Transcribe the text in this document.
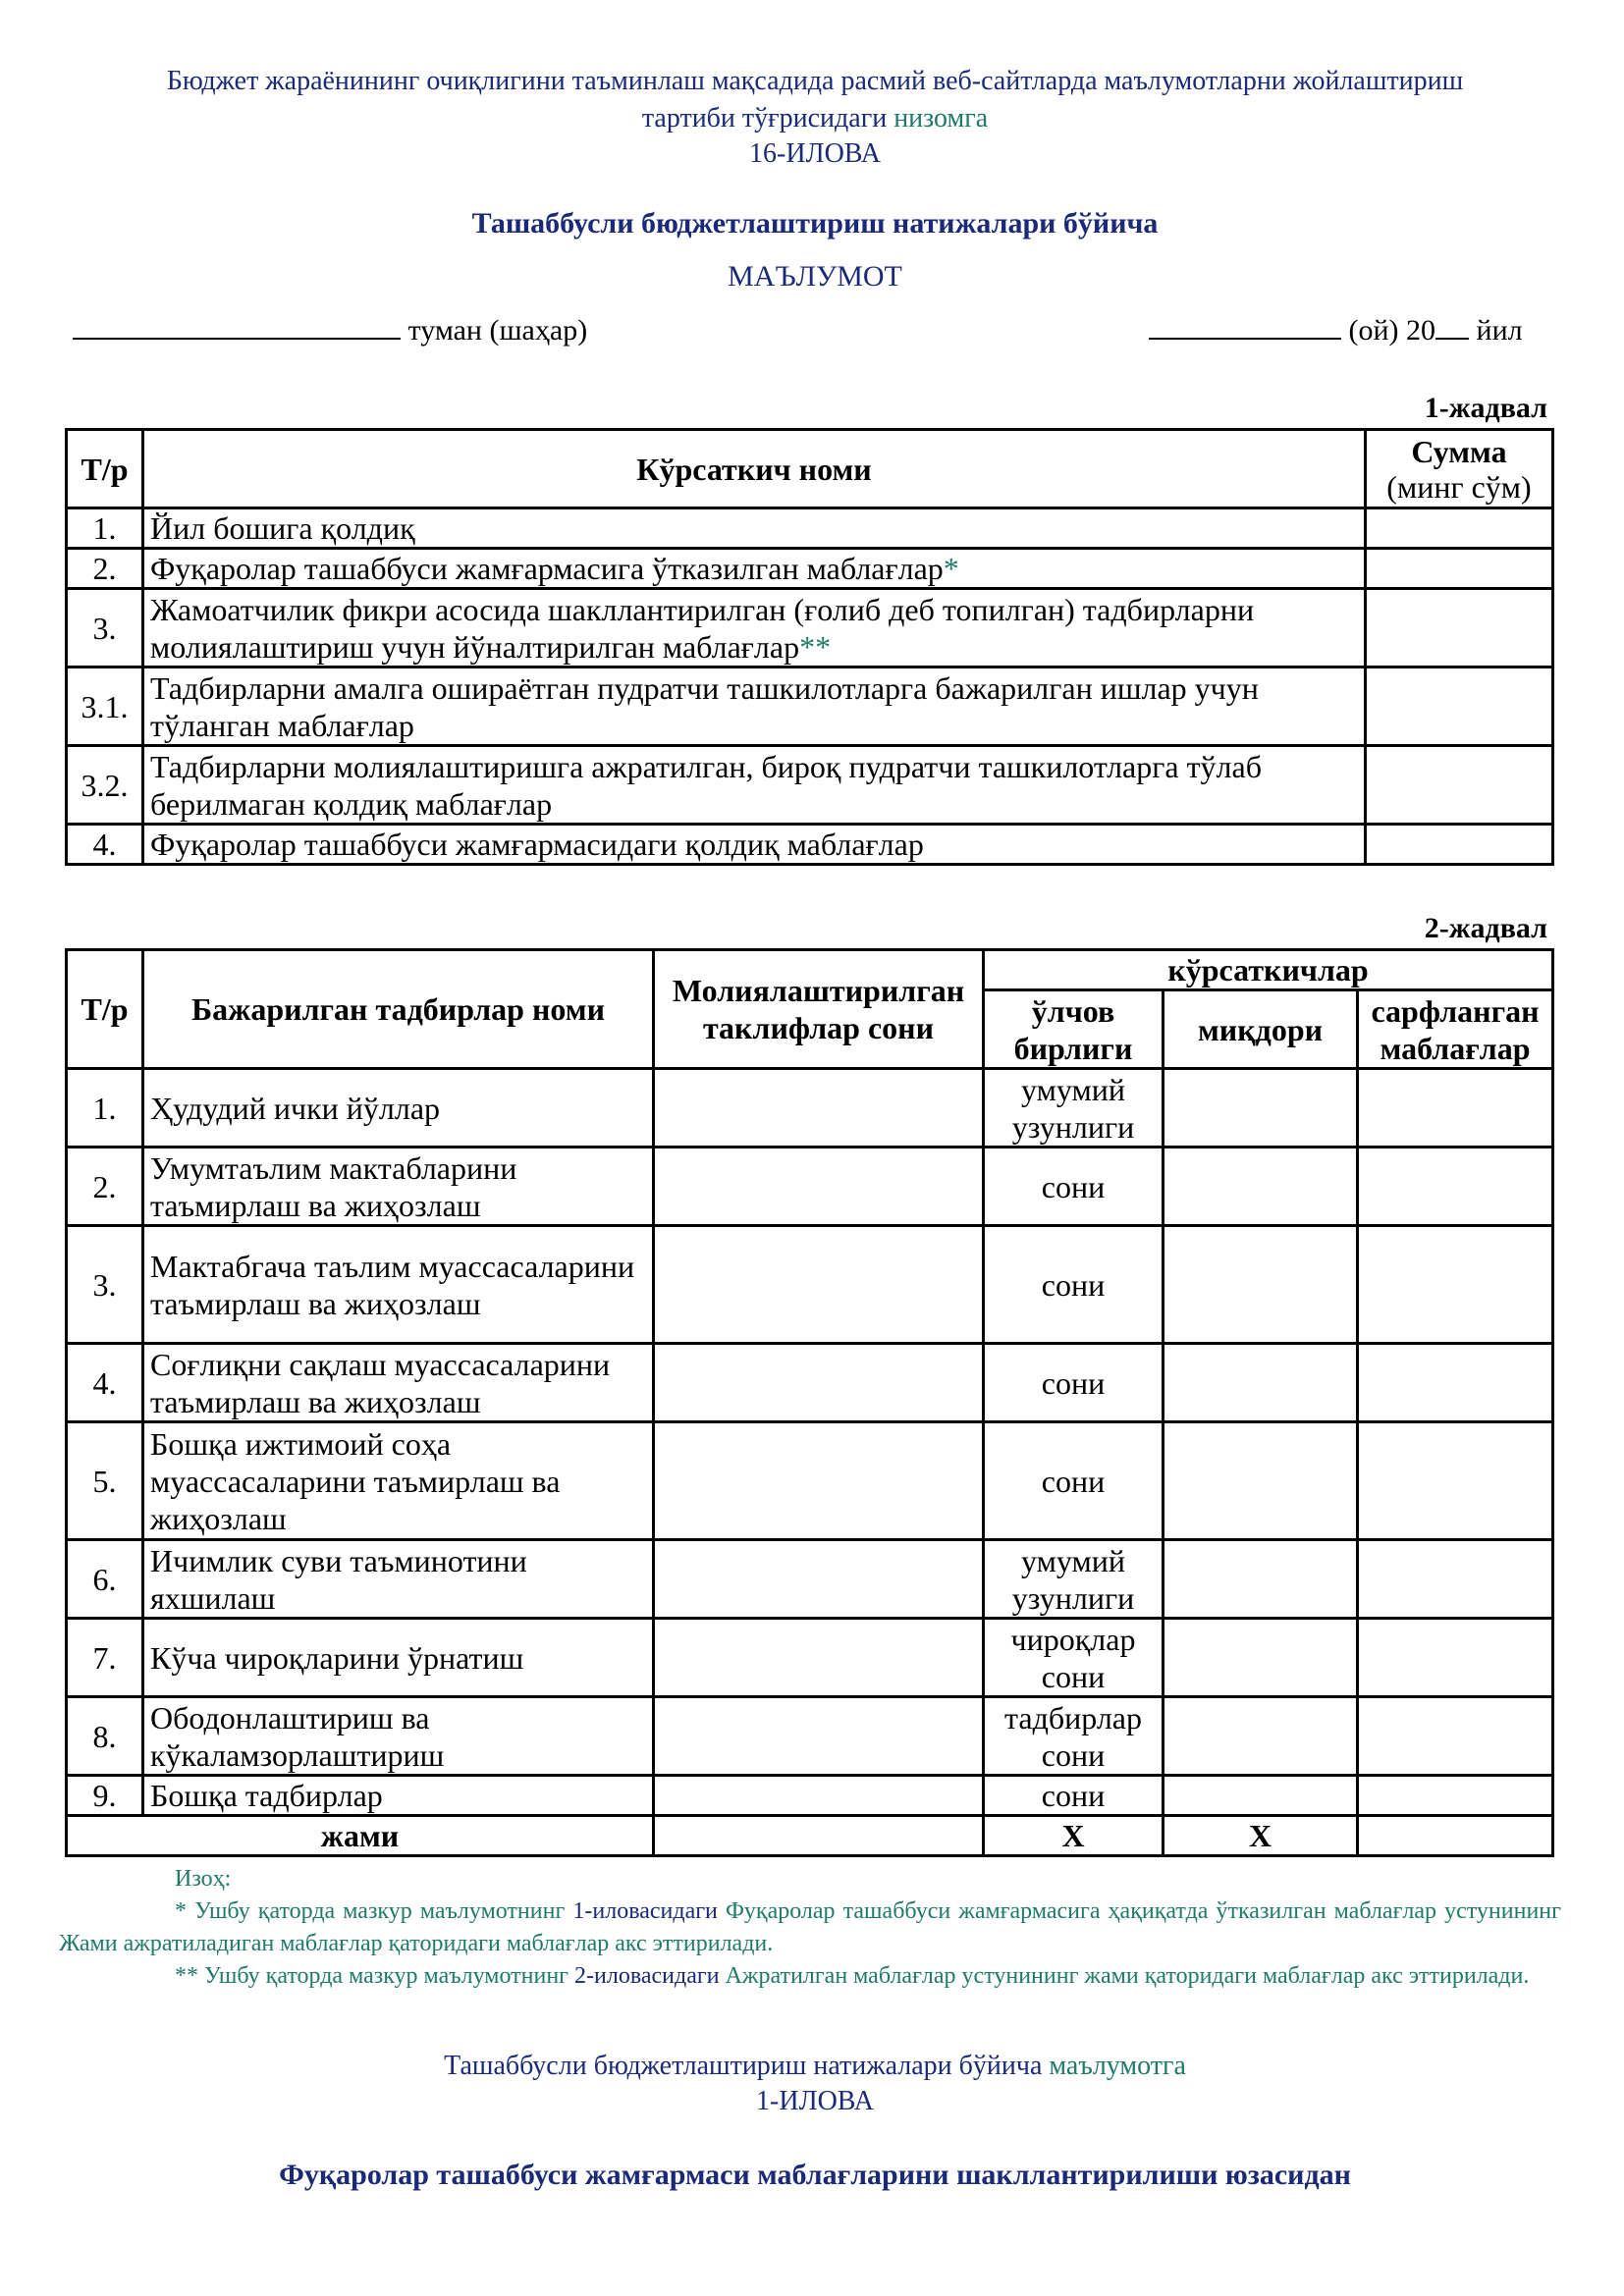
Бюджет жараёнининг очиқлигини таъминлаш мақсадида расмий веб-сайтларда маълумотларни жойлаштириш
тартиби тўғрисидаги низомга
16-ИЛОВА
Ташаббусли бюджетлаштириш натижалари бўйича
МАЪЛУМОТ
туман (шаҳар)	(ой) 20 йил
1-жадвал
Т/р	Кўрсаткич номи	Сумма
(минг сўм)
1.	Йил бошига қолдиқ	
2.	Фуқаролар ташаббуси жамғармасига ўтказилган маблағлар*	
3.	Жамоатчилик фикри асосида шакллантирилган (ғолиб деб топилган) тадбирларни молиялаштириш учун йўналтирилган маблағлар**	
3.1.	Тадбирларни амалга ошираётган пудратчи ташкилотларга бажарилган ишлар учун тўланган маблағлар	
3.2.	Тадбирларни молиялаштиришга ажратилган, бироқ пудратчи ташкилотларга тўлаб берилмаган қолдиқ маблағлар	
4.	Фуқаролар ташаббуси жамғармасидаги қолдиқ маблағлар	
2-жадвал
Т/р	Бажарилган тадбирлар номи	Молиялаштирилган таклифлар сони	кўрсаткичлар		
			ўлчов бирлиги	миқдори	сарфланган маблағлар
1.	Ҳудудий ички йўллар		умумий узунлиги		
2.	Умумтаълим мактабларини таъмирлаш ва жиҳозлаш		сони		
3.	Мактабгача таълим муассасаларини таъмирлаш ва жиҳозлаш		сони		
4.	Соғлиқни сақлаш муассасаларини таъмирлаш ва жиҳозлаш		сони		
5.	Бошқа ижтимоий соҳа муассасаларини таъмирлаш ва жиҳозлаш		сони		
6.	Ичимлик суви таъминотини яхшилаш		умумий узунлиги		
7.	Кўча чироқларини ўрнатиш		чироқлар сони		
8.	Ободонлаштириш ва кўкаламзорлаштириш		тадбирлар сони		
9.	Бошқа тадбирлар		сони		
жами			Х	Х	
Изоҳ:
* Ушбу қаторда мазкур маълумотнинг 1-иловасидаги Фуқаролар ташаббуси жамғармасига ҳақиқатда ўтказилган маблағлар устунининг Жами ажратиладиган маблағлар қаторидаги маблағлар акс эттирилади.
** Ушбу қаторда мазкур маълумотнинг 2-иловасидаги Ажратилган маблағлар устунининг жами қаторидаги маблағлар акс эттирилади.
Ташаббусли бюджетлаштириш натижалари бўйича маълумотга
1-ИЛОВА
Фуқаролар ташаббуси жамғармаси маблағларини шакллантирилиши юзасидан
